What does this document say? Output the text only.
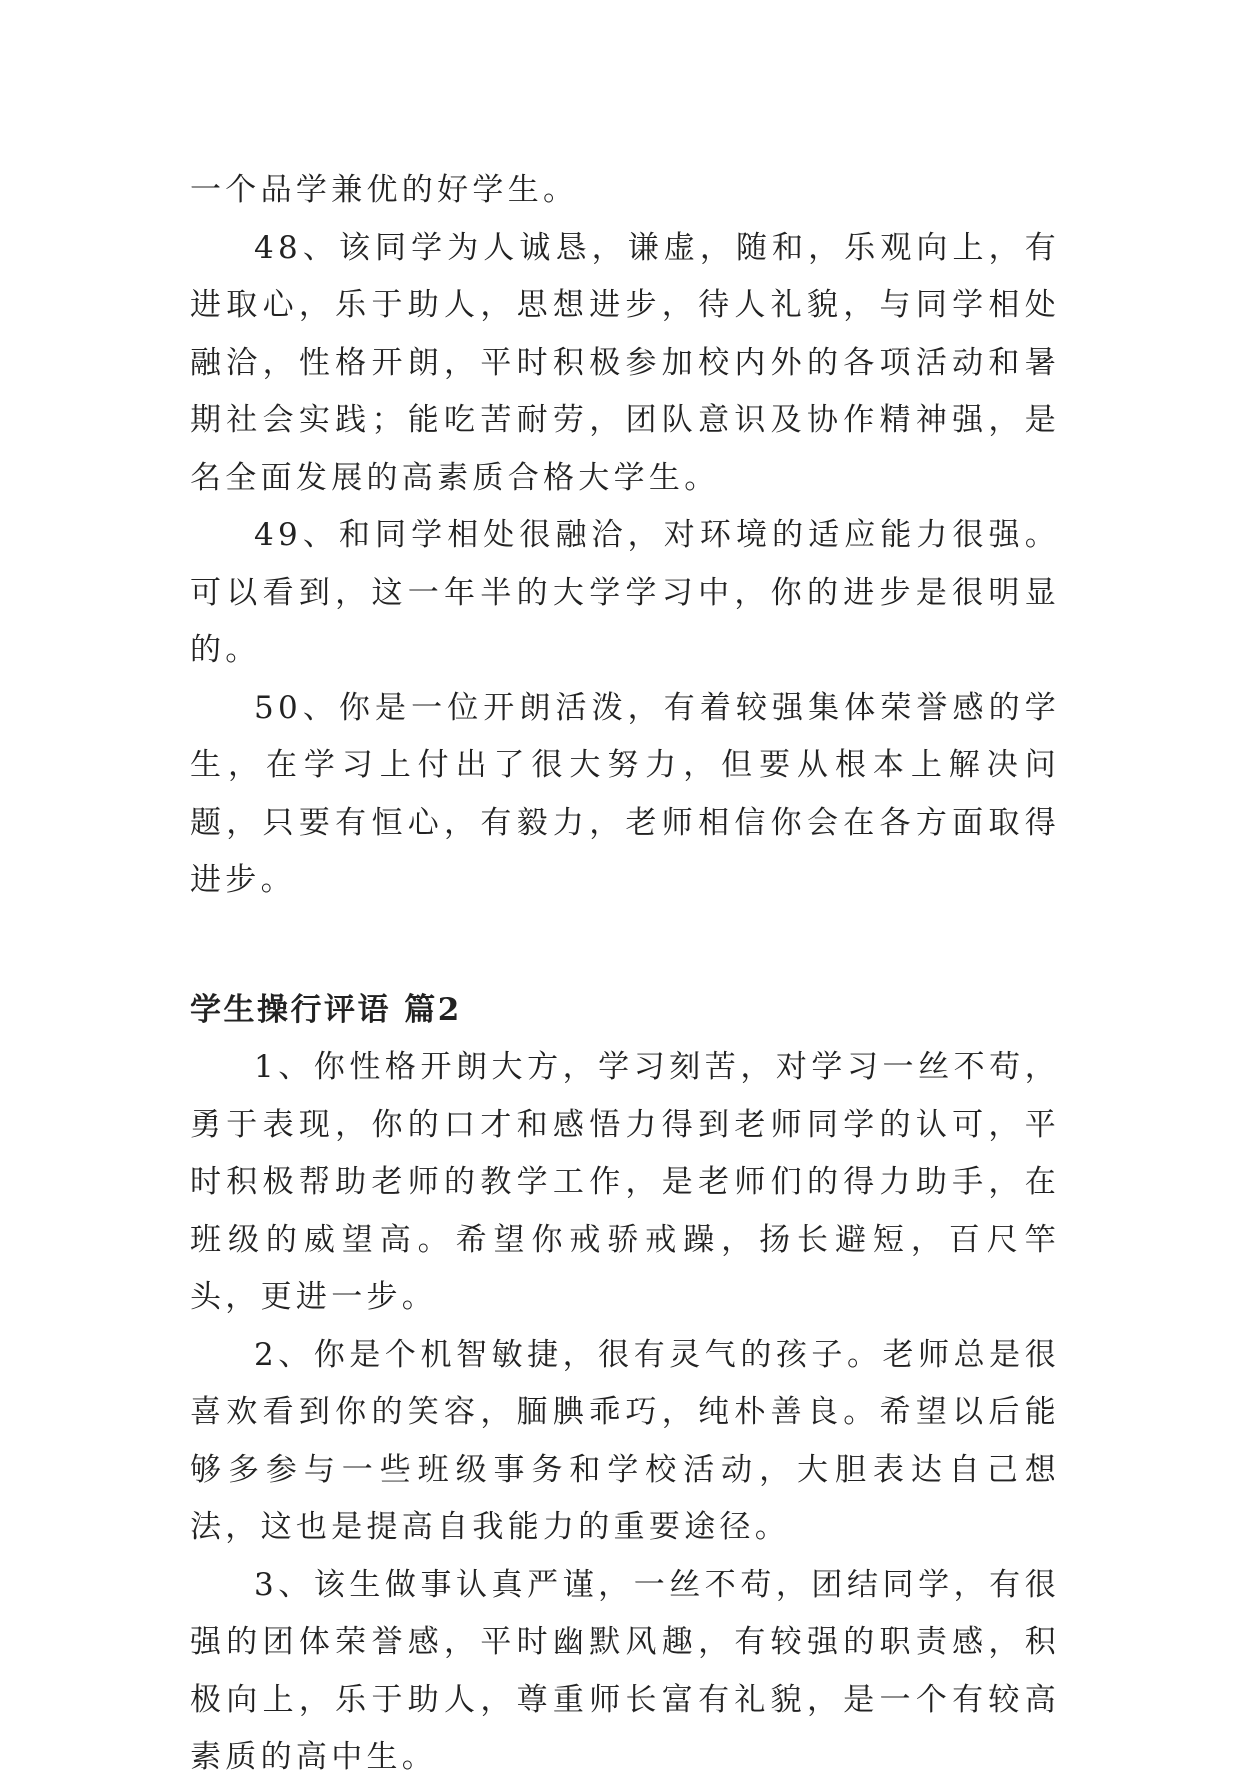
一个品学兼优的好学生。

48、该同学为人诚恳，谦虚，随和，乐观向上，有进取心，乐于助人，思想进步，待人礼貌，与同学相处融洽，性格开朗，平时积极参加校内外的各项活动和暑期社会实践；能吃苦耐劳，团队意识及协作精神强，是名全面发展的高素质合格大学生。

49、和同学相处很融洽，对环境的适应能力很强。可以看到，这一年半的大学学习中，你的进步是很明显的。

50、你是一位开朗活泼，有着较强集体荣誉感的学生，在学习上付出了很大努力，但要从根本上解决问题，只要有恒心，有毅力，老师相信你会在各方面取得进步。

学生操行评语 篇2

1、你性格开朗大方，学习刻苦，对学习一丝不苟，勇于表现，你的口才和感悟力得到老师同学的认可，平时积极帮助老师的教学工作，是老师们的得力助手，在班级的威望高。希望你戒骄戒躁，扬长避短，百尺竿头，更进一步。

2、你是个机智敏捷，很有灵气的孩子。老师总是很喜欢看到你的笑容，腼腆乖巧，纯朴善良。希望以后能够多参与一些班级事务和学校活动，大胆表达自己想法，这也是提高自我能力的重要途径。

3、该生做事认真严谨，一丝不苟，团结同学，有很强的团体荣誉感，平时幽默风趣，有较强的职责感，积极向上，乐于助人，尊重师长富有礼貌，是一个有较高素质的高中生。
